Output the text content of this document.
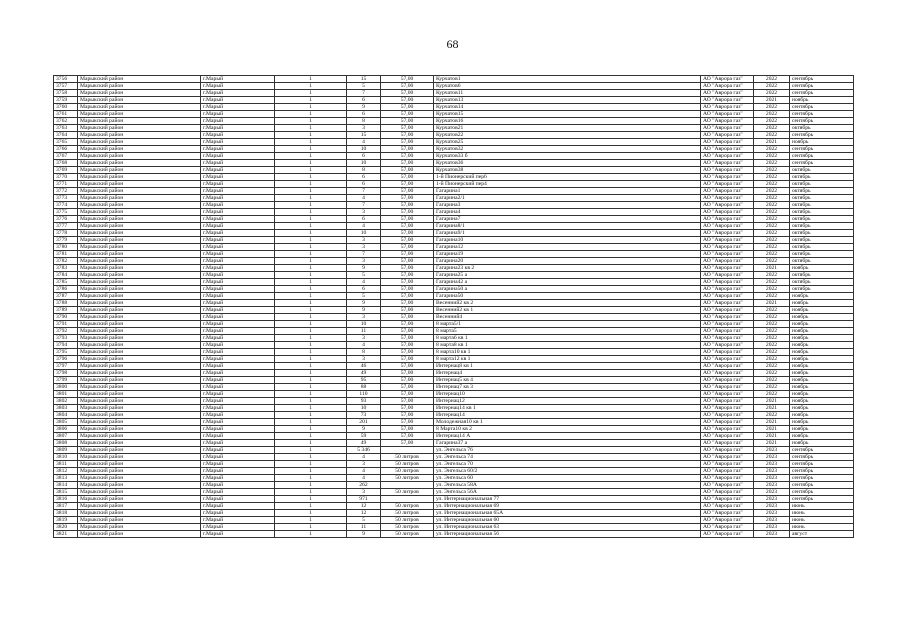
68
3756	Марыкский район	г.Марый	1	15	57,00	Курчатов1	АО "Аврора газ"	2022	сентябрь
3757	Марыкский район	г.Марый	1	5	57,00	Курчатов6	АО "Аврора газ"	2022	сентябрь
3758	Марыкский район	г.Марый	1	7	57,00	Курчатов11	АО "Аврора газ"	2022	сентябрь
3759	Марыкский район	г.Марый	1	6	57,00	Курчатов13	АО "Аврора газ"	2021	ноябрь
3760	Марыкский район	г.Марый	1	9	57,00	Курчатов14	АО "Аврора газ"	2022	сентябрь
3761	Марыкский район	г.Марый	1	6	57,00	Курчатов15	АО "Аврора газ"	2022	сентябрь
3762	Марыкский район	г.Марый	1	8	57,00	Курчатов16	АО "Аврора газ"	2022	сентябрь
3763	Марыкский район	г.Марый	1	3	57,00	Курчатов21	АО "Аврора газ"	2022	октябрь
3764	Марыкский район	г.Марый	1	15	57,00	Курчатов22	АО "Аврора газ"	2022	сентябрь
3765	Марыкский район	г.Марый	1	4	57,00	Курчатов25	АО "Аврора газ"	2021	ноябрь
3766	Марыкский район	г.Марый	1	10	57,00	Курчатов32	АО "Аврора газ"	2022	сентябрь
3767	Марыкский район	г.Марый	1	6	57,00	Курчатов33 б	АО "Аврора газ"	2022	сентябрь
3768	Марыкский район	г.Марый	1	10	57,00	Курчатов36	АО "Аврора газ"	2022	сентябрь
3769	Марыкский район	г.Марый	1	8	57,00	Курчатов38	АО "Аврора газ"	2022	октябрь
3770	Марыкский район	г.Марый	1	6	57,00	1-й Пионерский пер6	АО "Аврора газ"	2022	октябрь
3771	Марыкский район	г.Марый	1	6	57,00	1-й Пионерский пер4	АО "Аврора газ"	2022	октябрь
3772	Марыкский район	г.Марый	1	7	57,00	Гагарина1	АО "Аврора газ"	2022	октябрь
3773	Марыкский район	г.Марый	1	4	57,00	Гагарина2/1	АО "Аврора газ"	2022	октябрь
3774	Марыкский район	г.Марый	1	7	57,00	Гагарина3	АО "Аврора газ"	2022	октябрь
3775	Марыкский район	г.Марый	1	3	57,00	Гагарина4	АО "Аврора газ"	2022	октябрь
3776	Марыкский район	г.Марый	1	6	57,00	Гагарина7	АО "Аврора газ"	2022	октябрь
3777	Марыкский район	г.Марый	1	4	57,00	Гагарина8/1	АО "Аврора газ"	2022	октябрь
3778	Марыкский район	г.Марый	1	10	57,00	Гагарина9/1	АО "Аврора газ"	2022	октябрь
3779	Марыкский район	г.Марый	1	3	57,00	Гагарина10	АО "Аврора газ"	2022	октябрь
3780	Марыкский район	г.Марый	1	3	57,00	Гагарина12	АО "Аврора газ"	2022	октябрь
3781	Марыкский район	г.Марый	1	7	57,00	Гагарина19	АО "Аврора газ"	2022	октябрь
3782	Марыкский район	г.Марый	1	3	57,00	Гагарина20	АО "Аврора газ"	2022	октябрь
3783	Марыкский район	г.Марый	1	9	57,00	Гагарина23 кв 2	АО "Аврора газ"	2021	ноябрь
3784	Марыкский район	г.Марый	1	5	57,00	Гагарина25 а	АО "Аврора газ"	2022	октябрь
3785	Марыкский район	г.Марый	1	4	57,00	Гагарина42 а	АО "Аврора газ"	2022	октябрь
3786	Марыкский район	г.Марый	1	6	57,00	Гагарина50 а	АО "Аврора газ"	2022	октябрь
3787	Марыкский район	г.Марый	1	5	57,00	Гагарина50	АО "Аврора газ"	2022	ноябрь
3788	Марыкский район	г.Марый	1	9	57,00	Весенний2 кв 2	АО "Аврора газ"	2021	ноябрь
3789	Марыкский район	г.Марый	1	9	57,00	Весенний2 кв 1	АО "Аврора газ"	2022	ноябрь
3790	Марыкский район	г.Марый	1	3	57,00	Весенний4	АО "Аврора газ"	2022	ноябрь
3791	Марыкский район	г.Марый	1	10	57,00	8 марта5/1	АО "Аврора газ"	2022	ноябрь
3792	Марыкский район	г.Марый	1	11	57,00	8 марта5	АО "Аврора газ"	2022	ноябрь
3793	Марыкский район	г.Марый	1	3	57,00	8 марта6 кв 1	АО "Аврора газ"	2022	ноябрь
3794	Марыкский район	г.Марый	1	4	57,00	8 марта8 кв 1	АО "Аврора газ"	2022	ноябрь
3795	Марыкский район	г.Марый	1	8	57,00	8 марта10 кв 1	АО "Аврора газ"	2022	ноябрь
3796	Марыкский район	г.Марый	1	3	57,00	8 марта12 кв 1	АО "Аврора газ"	2022	ноябрь
3797	Марыкский район	г.Марый	1	46	57,00	Интернац8 кв 1	АО "Аврора газ"	2022	ноябрь
3798	Марыкский район	г.Марый	1	49	57,00	Интернац4	АО "Аврора газ"	2022	ноябрь
3799	Марыкский район	г.Марый	1	95	57,00	Интернац5 кв 4	АО "Аврора газ"	2022	ноябрь
3800	Марыкский район	г.Марый	1	88	57,00	Интернац7 кв 3	АО "Аврора газ"	2022	ноябрь
3801	Марыкский район	г.Марый	1	110	57,00	Интернац10	АО "Аврора газ"	2022	ноябрь
3802	Марыкский район	г.Марый	1	93	57,00	Интернац12	АО "Аврора газ"	2021	ноябрь
3803	Марыкский район	г.Марый	1	10	57,00	Интернац14 кв 1	АО "Аврора газ"	2021	ноябрь
3804	Марыкский район	г.Марый	1	73	57,00	Интернац14	АО "Аврора газ"	2022	ноябрь
3805	Марыкский район	г.Марый	1	201	57,00	Молодежная10 кв 1	АО "Аврора газ"	2021	ноябрь
3806	Марыкский район	г.Марый	1	9	57,00	8 Марта10 кв 2	АО "Аврора газ"	2021	ноябрь
3807	Марыкский район	г.Марый	1	59	57,00	Интернац14 А	АО "Аврора газ"	2021	ноябрь
3808	Марыкский район	г.Марый	1	49	57,00	Гагарина37 а	АО "Аврора газ"	2021	ноябрь
3809	Марыкский район	г.Марый	1	5 346		ул. Энгельса 76	АО "Аврора газ"	2023	сентябрь
3810	Марыкский район	г.Марый	1	4	50 литров	ул. Энгельса 74	АО "Аврора газ"	2023	сентябрь
3811	Марыкский район	г.Марый	1	3	50 литров	ул. Энгельса 70	АО "Аврора газ"	2023	сентябрь
3812	Марыкский район	г.Марый	1	4	50 литров	ул. Энгельса 60/2	АО "Аврора газ"	2023	сентябрь
3813	Марыкский район	г.Марый	1	4	50 литров	ул. Энгельса 60	АО "Аврора газ"	2023	сентябрь
3814	Марыкский район	г.Марый	1	262		ул. Энгельса 58А	АО "Аврора газ"	2023	сентябрь
3815	Марыкский район	г.Марый	1	3	50 литров	ул. Энгельса 56А	АО "Аврора газ"	2023	сентябрь
3816	Марыкский район	г.Марый	1	971		ул. Интернациональная 77	АО "Аврора газ"	2023	сентябрь
3817	Марыкский район	г.Марый	1	12	50 литров	ул. Интернациональная 69	АО "Аврора газ"	2023	июнь
3818	Марыкский район	г.Марый	1	12	50 литров	ул. Интернациональная 65А	АО "Аврора газ"	2023	июнь
3819	Марыкский район	г.Марый	1	5	50 литров	ул. Интернациональная 60	АО "Аврора газ"	2023	июнь
3820	Марыкский район	г.Марый	1	11	50 литров	ул. Интернациональная 63	АО "Аврора газ"	2023	июнь
3821	Марыкский район	г.Марый	1	9	50 литров	ул. Интернациональная 56	АО "Аврора газ"	2023	август
